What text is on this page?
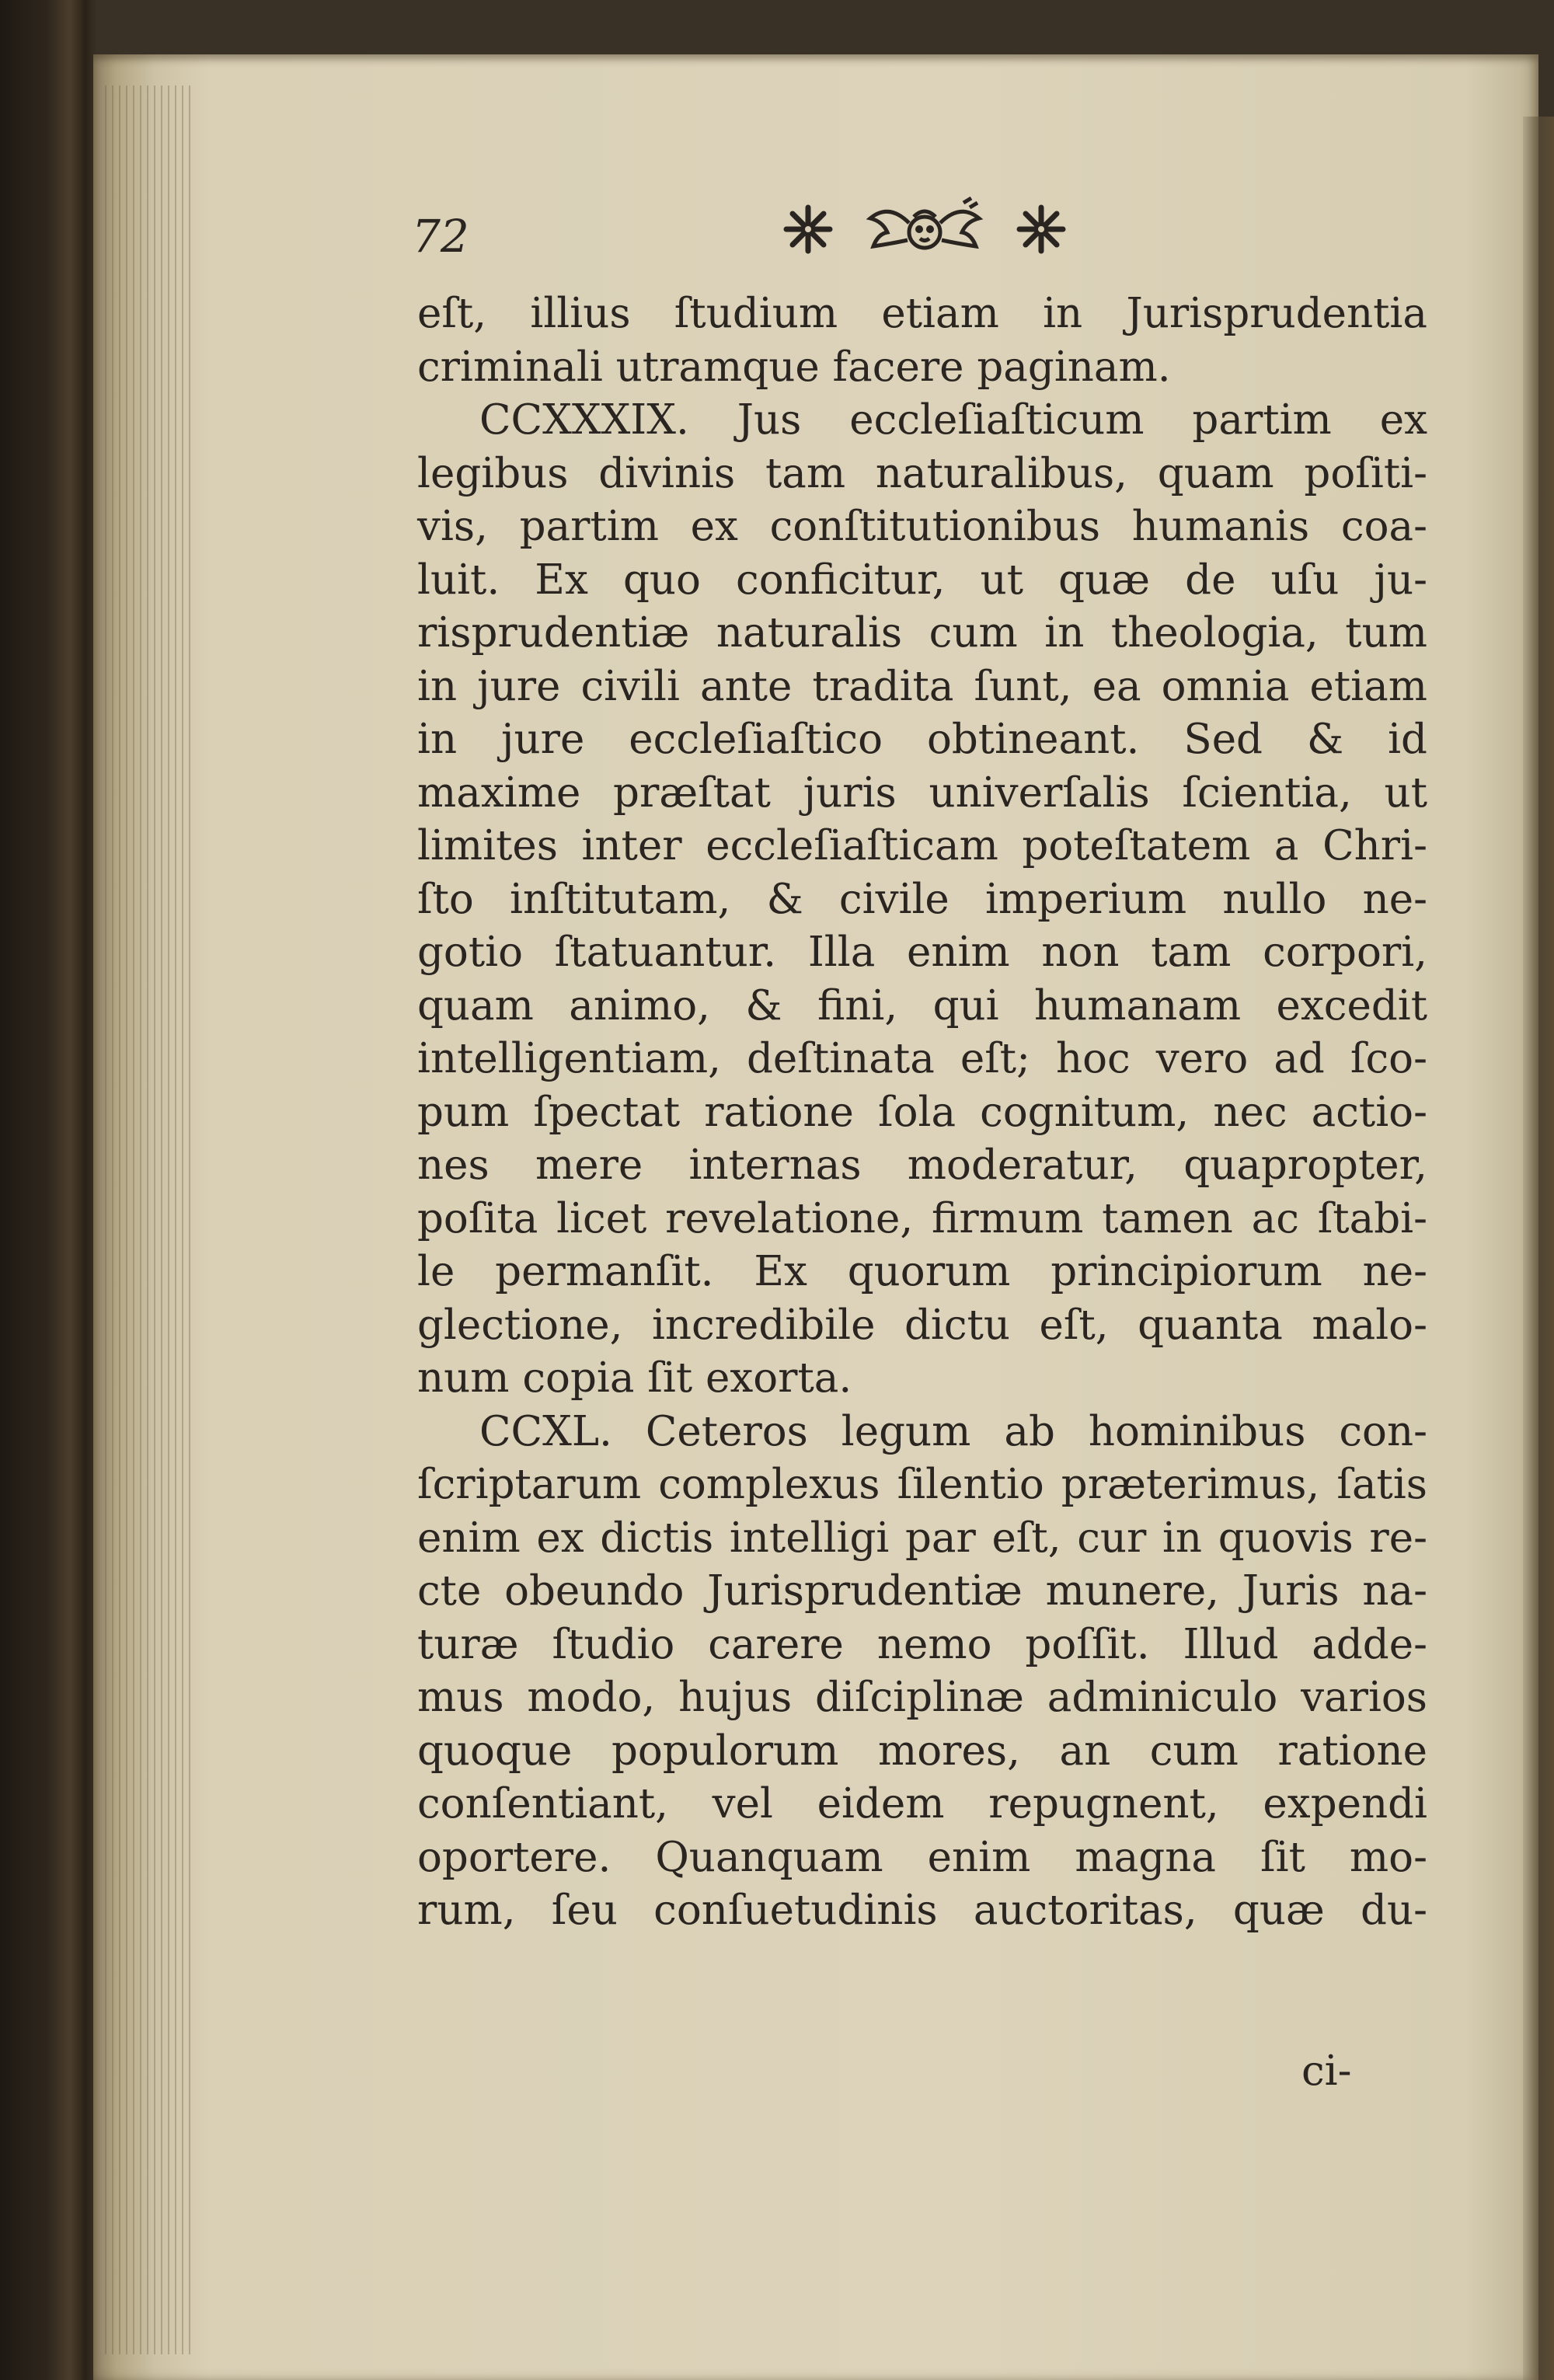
72
eſt, illius ſtudium etiam in Jurisprudentia
criminali utramque facere paginam.
CCXXXIX. Jus eccleſiaſticum partim ex
legibus divinis tam naturalibus, quam poſiti-
vis, partim ex conſtitutionibus humanis coa-
luit. Ex quo conficitur, ut quæ de uſu ju-
risprudentiæ naturalis cum in theologia, tum
in jure civili ante tradita ſunt, ea omnia etiam
in jure eccleſiaſtico obtineant. Sed & id
maxime præſtat juris univerſalis ſcientia, ut
limites inter eccleſiaſticam poteſtatem a Chri-
ſto inſtitutam, & civile imperium nullo ne-
gotio ſtatuantur. Illa enim non tam corpori,
quam animo, & fini, qui humanam excedit
intelligentiam, deſtinata eſt; hoc vero ad ſco-
pum ſpectat ratione ſola cognitum, nec actio-
nes mere internas moderatur, quapropter,
poſita licet revelatione, firmum tamen ac ſtabi-
le permanſit. Ex quorum principiorum ne-
glectione, incredibile dictu eſt, quanta malo-
num copia ſit exorta.
CCXL. Ceteros legum ab hominibus con-
ſcriptarum complexus ſilentio præterimus, ſatis
enim ex dictis intelligi par eſt, cur in quovis re-
cte obeundo Jurisprudentiæ munere, Juris na-
turæ ſtudio carere nemo poſſit. Illud adde-
mus modo, hujus diſciplinæ adminiculo varios
quoque populorum mores, an cum ratione
conſentiant, vel eidem repugnent, expendi
oportere. Quanquam enim magna ſit mo-
rum, ſeu conſuetudinis auctoritas, quæ du-
ci-
